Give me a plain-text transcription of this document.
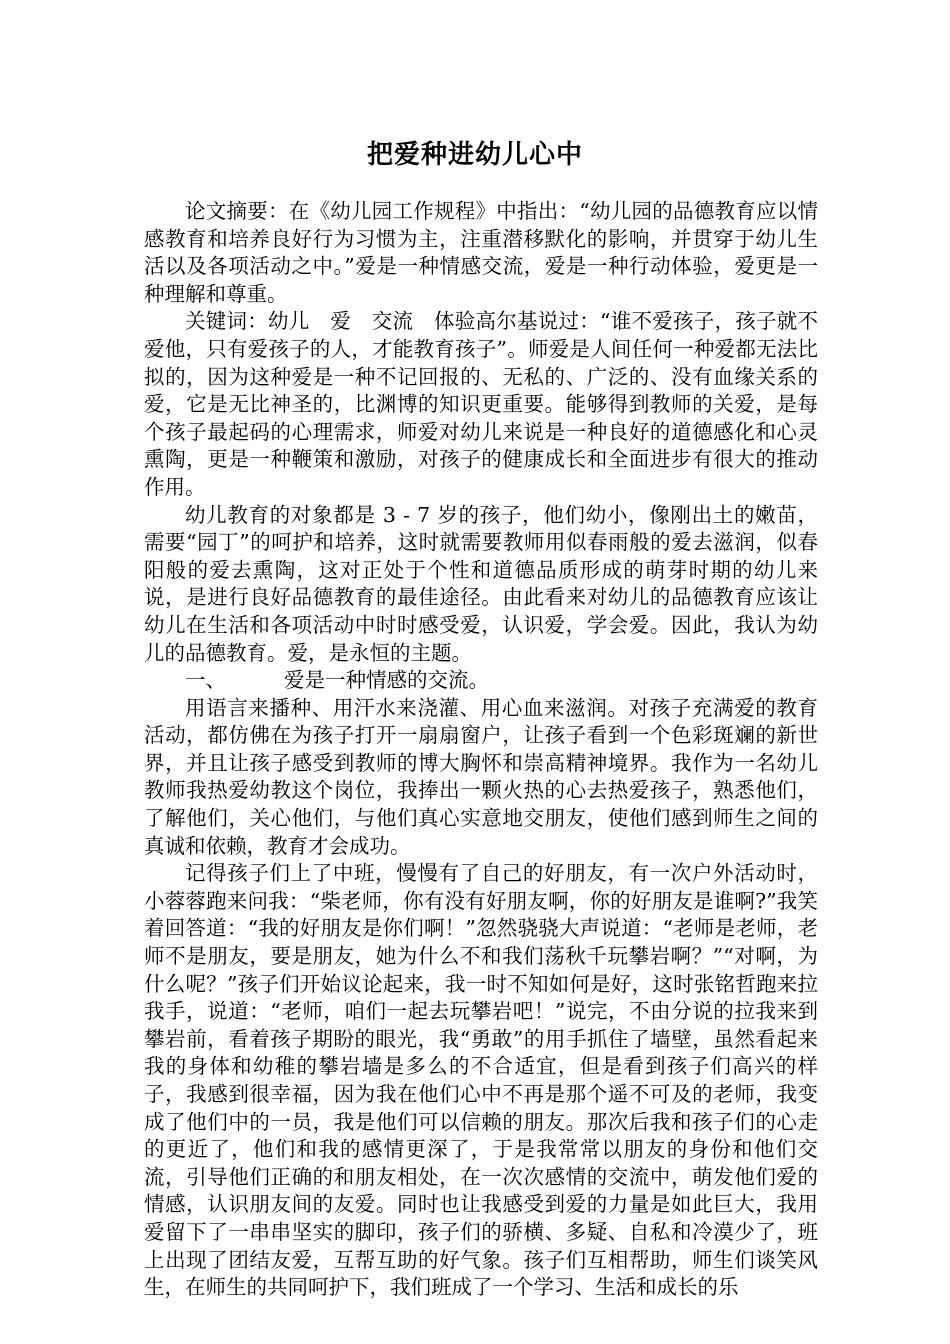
把爱种进幼儿心中

论文摘要：在《幼儿园工作规程》中指出：“幼儿园的品德教育应以情感教育和培养良好行为习惯为主，注重潜移默化的影响，并贯穿于幼儿生活以及各项活动之中。”爱是一种情感交流，爱是一种行动体验，爱更是一种理解和尊重。

关键词：幼儿　爱　交流　体验高尔基说过：“谁不爱孩子，孩子就不爱他，只有爱孩子的人，才能教育孩子”。师爱是人间任何一种爱都无法比拟的，因为这种爱是一种不记回报的、无私的、广泛的、没有血缘关系的爱，它是无比神圣的，比渊博的知识更重要。能够得到教师的关爱，是每个孩子最起码的心理需求，师爱对幼儿来说是一种良好的道德感化和心灵熏陶，更是一种鞭策和激励，对孩子的健康成长和全面进步有很大的推动作用。

幼儿教育的对象都是 3 - 7 岁的孩子，他们幼小，像刚出土的嫩苗，需要“园丁”的呵护和培养，这时就需要教师用似春雨般的爱去滋润，似春阳般的爱去熏陶，这对正处于个性和道德品质形成的萌芽时期的幼儿来说，是进行良好品德教育的最佳途径。由此看来对幼儿的品德教育应该让幼儿在生活和各项活动中时时感受爱，认识爱，学会爱。因此，我认为幼儿的品德教育。爱，是永恒的主题。

一、	爱是一种情感的交流。

用语言来播种、用汗水来浇灌、用心血来滋润。对孩子充满爱的教育活动，都仿佛在为孩子打开一扇扇窗户，让孩子看到一个色彩斑斓的新世界，并且让孩子感受到教师的博大胸怀和崇高精神境界。我作为一名幼儿教师我热爱幼教这个岗位，我捧出一颗火热的心去热爱孩子，熟悉他们，了解他们，关心他们，与他们真心实意地交朋友，使他们感到师生之间的真诚和依赖，教育才会成功。

记得孩子们上了中班，慢慢有了自己的好朋友，有一次户外活动时，小蓉蓉跑来问我：“柴老师，你有没有好朋友啊，你的好朋友是谁啊?”我笑着回答道：“我的好朋友是你们啊！”忽然骁骁大声说道：“老师是老师，老师不是朋友，要是朋友，她为什么不和我们荡秋千玩攀岩啊？”“对啊，为什么呢？”孩子们开始议论起来，我一时不知如何是好，这时张铭哲跑来拉我手，说道：“老师，咱们一起去玩攀岩吧！”说完，不由分说的拉我来到攀岩前，看着孩子期盼的眼光，我“勇敢”的用手抓住了墙壁，虽然看起来我的身体和幼稚的攀岩墙是多么的不合适宜，但是看到孩子们高兴的样子，我感到很幸福，因为我在他们心中不再是那个遥不可及的老师，我变成了他们中的一员，我是他们可以信赖的朋友。那次后我和孩子们的心走的更近了，他们和我的感情更深了，于是我常常以朋友的身份和他们交流，引导他们正确的和朋友相处，在一次次感情的交流中，萌发他们爱的情感，认识朋友间的友爱。同时也让我感受到爱的力量是如此巨大，我用爱留下了一串串坚实的脚印，孩子们的骄横、多疑、自私和冷漠少了，班上出现了团结友爱，互帮互助的好气象。孩子们互相帮助，师生们谈笑风生，在师生的共同呵护下，我们班成了一个学习、生活和成长的乐
